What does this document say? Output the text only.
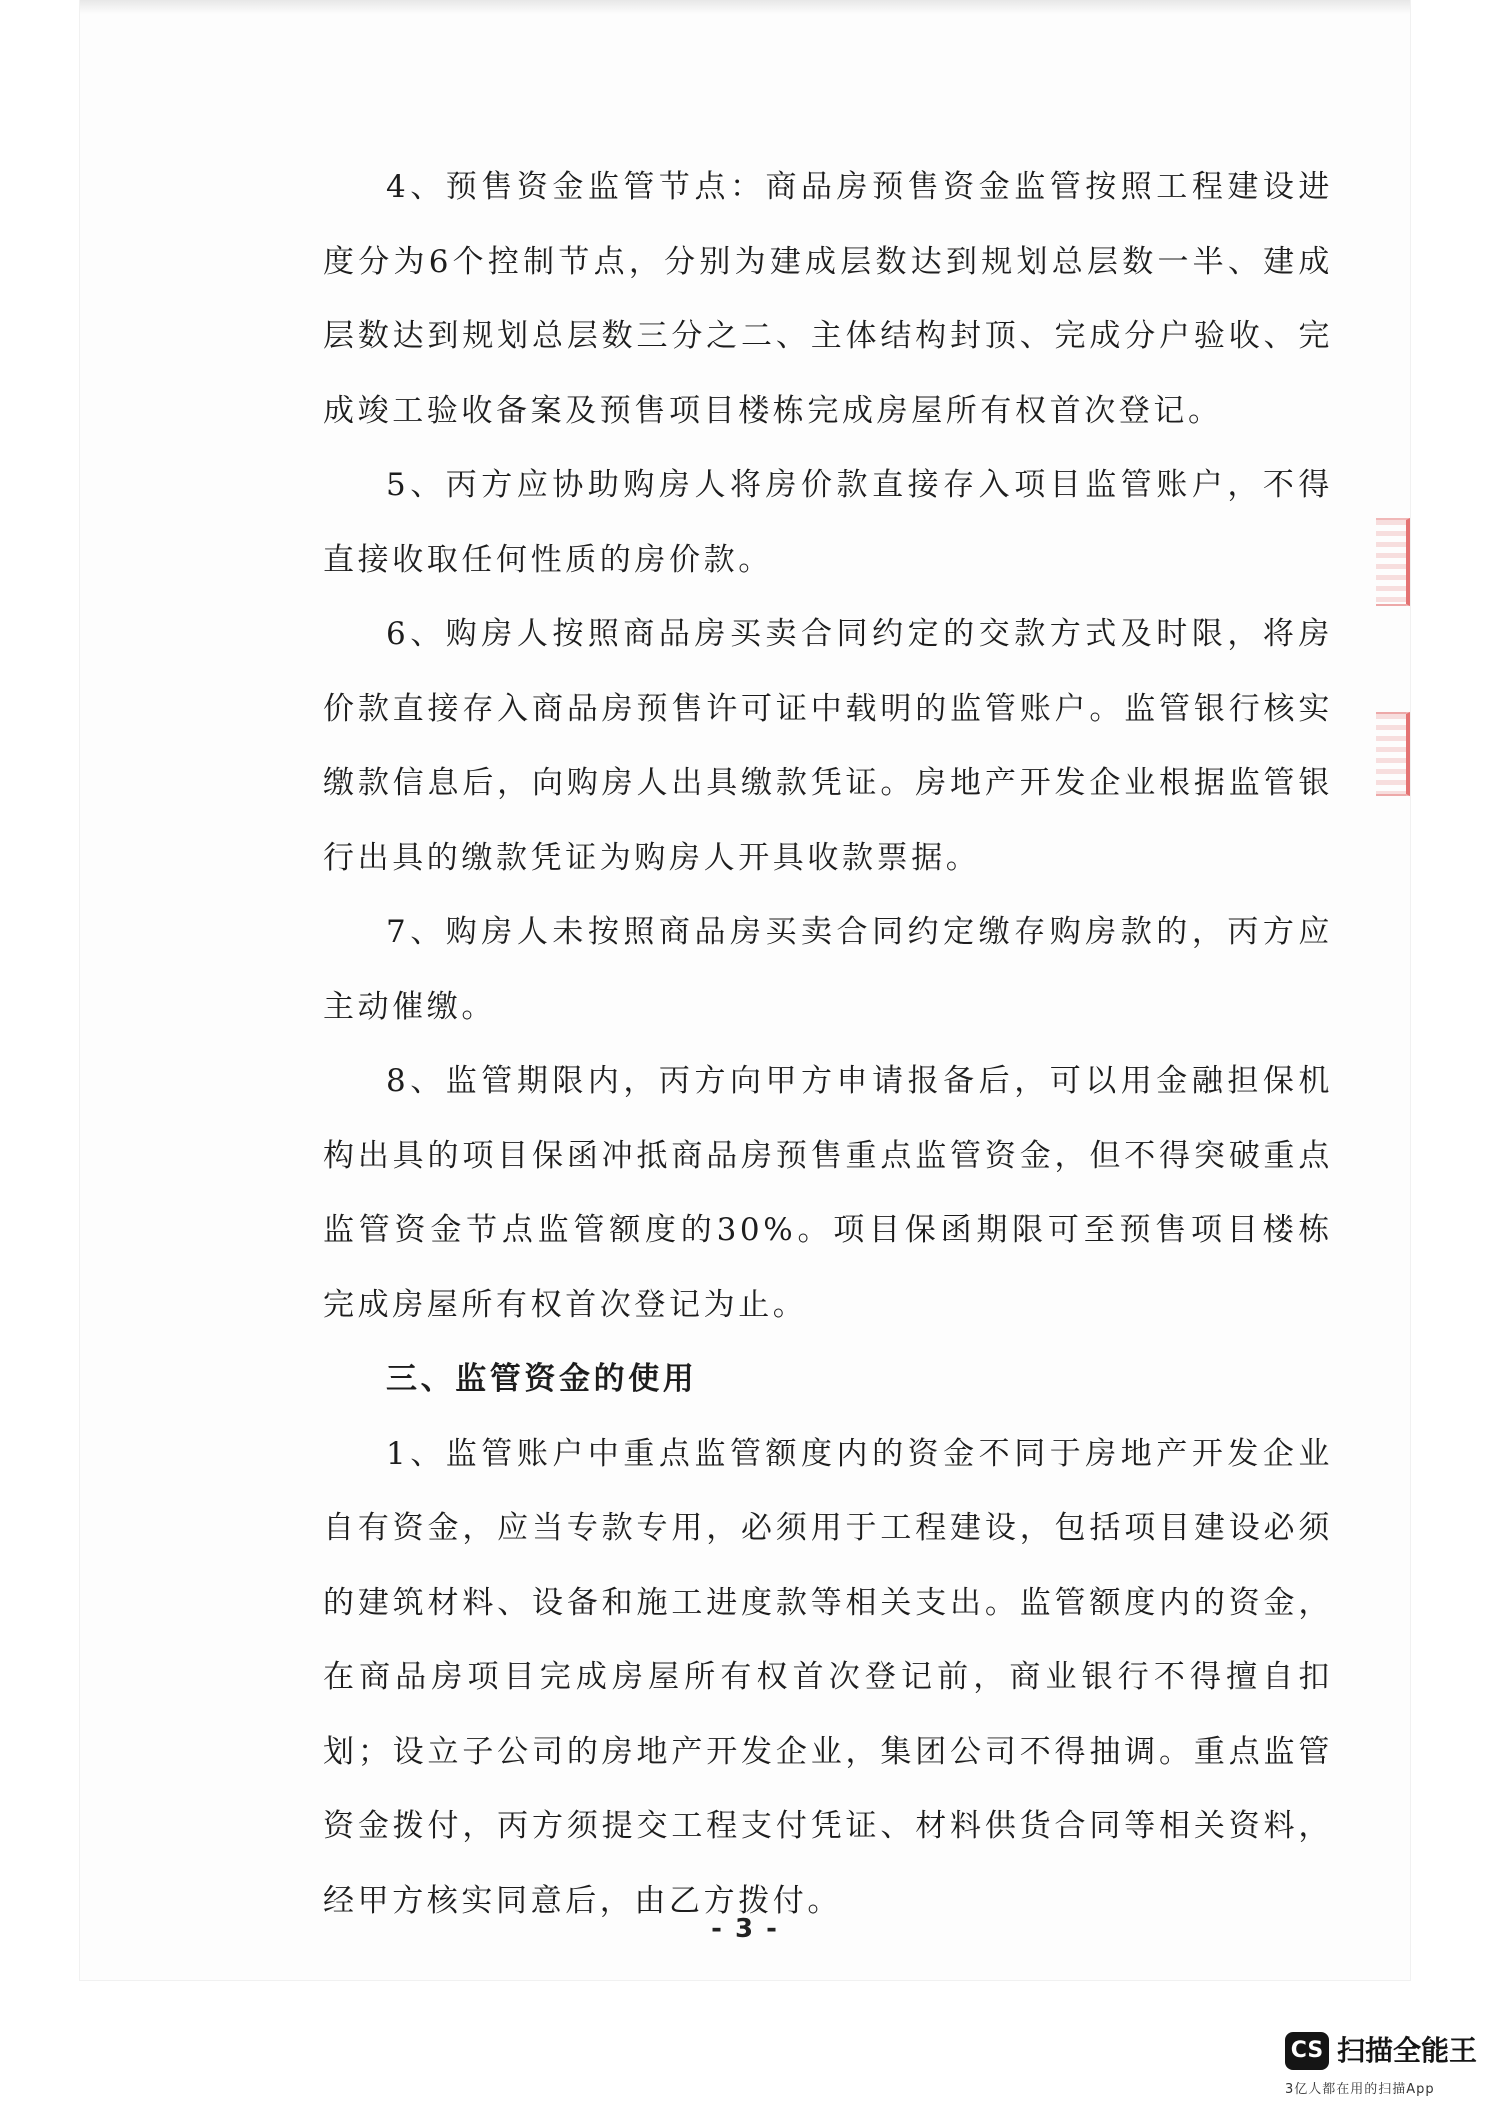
4、预售资金监管节点：商品房预售资金监管按照工程建设进度分为6个控制节点，分别为建成层数达到规划总层数一半、建成层数达到规划总层数三分之二、主体结构封顶、完成分户验收、完成竣工验收备案及预售项目楼栋完成房屋所有权首次登记。

5、丙方应协助购房人将房价款直接存入项目监管账户，不得直接收取任何性质的房价款。

6、购房人按照商品房买卖合同约定的交款方式及时限，将房价款直接存入商品房预售许可证中载明的监管账户。监管银行核实缴款信息后，向购房人出具缴款凭证。房地产开发企业根据监管银行出具的缴款凭证为购房人开具收款票据。

7、购房人未按照商品房买卖合同约定缴存购房款的，丙方应主动催缴。

8、监管期限内，丙方向甲方申请报备后，可以用金融担保机构出具的项目保函冲抵商品房预售重点监管资金，但不得突破重点监管资金节点监管额度的30%。项目保函期限可至预售项目楼栋完成房屋所有权首次登记为止。

三、监管资金的使用

1、监管账户中重点监管额度内的资金不同于房地产开发企业自有资金，应当专款专用，必须用于工程建设，包括项目建设必须的建筑材料、设备和施工进度款等相关支出。监管额度内的资金，在商品房项目完成房屋所有权首次登记前，商业银行不得擅自扣划；设立子公司的房地产开发企业，集团公司不得抽调。重点监管资金拨付，丙方须提交工程支付凭证、材料供货合同等相关资料，经甲方核实同意后，由乙方拨付。

- 3 -
CS 扫描全能王
3亿人都在用的扫描App
